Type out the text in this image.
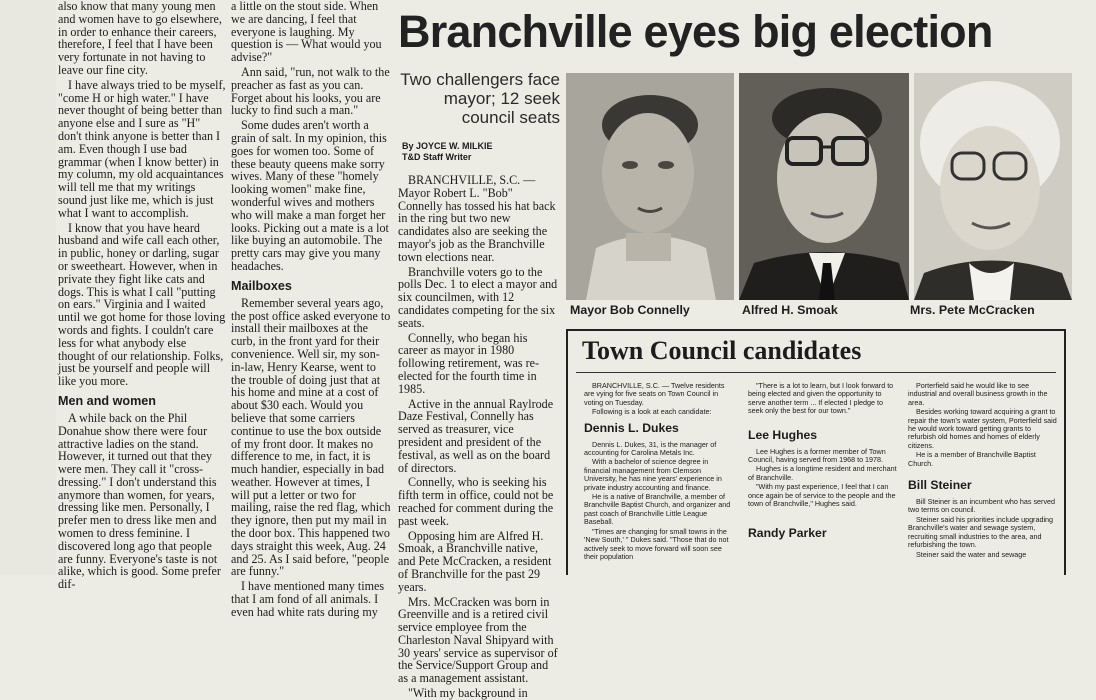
also know that many young men and women have to go elsewhere, in order to enhance their careers, therefore, I feel that I have been very fortunate in not having to leave our fine city.

I have always tried to be myself, "come H or high water." I have never thought of being better than anyone else and I sure as "H" don't think anyone is better than I am. Even though I use bad grammar (when I know better) in my column, my old acquaintances will tell me that my writings sound just like me, which is just what I want to accomplish.

I know that you have heard husband and wife call each other, in public, honey or darling, sugar or sweetheart. However, when in private they fight like cats and dogs. This is what I call "putting on ears." Virginia and I waited until we got home for those loving words and fights. I couldn't care less for what anybody else thought of our relationship. Folks, just be yourself and people will like you more.

Men and women

A while back on the Phil Donahue show there were four attractive ladies on the stand. However, it turned out that they were men. They call it "cross-dressing." I don't understand this anymore than women, for years, dressing like men. Personally, I prefer men to dress like men and women to dress feminine. I discovered long ago that people are funny. Everyone's taste is not alike, which is good. Some prefer dif-

a little on the stout side. When we are dancing, I feel that everyone is laughing. My question is — What would you advise?"

Ann said, "run, not walk to the preacher as fast as you can. Forget about his looks, you are lucky to find such a man."

Some dudes aren't worth a grain of salt. In my opinion, this goes for women too. Some of these beauty queens make sorry wives. Many of these "homely looking women" make fine, wonderful wives and mothers who will make a man forget her looks. Picking out a mate is a lot like buying an automobile. The pretty cars may give you many headaches.

Mailboxes

Remember several years ago, the post office asked everyone to install their mailboxes at the curb, in the front yard for their convenience. Well sir, my son-in-law, Henry Kearse, went to the trouble of doing just that at his home and mine at a cost of about $30 each. Would you believe that some carriers continue to use the box outside of my front door. It makes no difference to me, in fact, it is much handier, especially in bad weather. However at times, I will put a letter or two for mailing, raise the red flag, which they ignore, then put my mail in the door box. This happened two days straight this week, Aug. 24 and 25. As I said before, "people are funny."

I have mentioned many times that I am fond of all animals. I even had white rats during my

Branchville eyes big election
Two challengers face mayor; 12 seek council seats
By JOYCE W. MILKIE
T&D Staff Writer

BRANCHVILLE, S.C. — Mayor Robert L. "Bob" Connelly has tossed his hat back in the ring but two new candidates also are seeking the mayor's job as the Branchville town elections near.

Branchville voters go to the polls Dec. 1 to elect a mayor and six councilmen, with 12 candidates competing for the six seats.

Connelly, who began his career as mayor in 1980 following retirement, was re-elected for the fourth time in 1985.

Active in the annual Raylrode Daze Festival, Connelly has served as treasurer, vice president and president of the festival, as well as on the board of directors.

Connelly, who is seeking his fifth term in office, could not be reached for comment during the past week.

Opposing him are Alfred H. Smoak, a Branchville native, and Pete McCracken, a resident of Branchville for the past 29 years.

Mrs. McCracken was born in Greenville and is a retired civil service employee from the Charleston Naval Shipyard with 30 years' service as supervisor of the Service/Support Group and as a management assistant.

"With my background in

Mayor Bob Connelly	Alfred H. Smoak	Mrs. Pete McCracken
Town Council candidates

BRANCHVILLE, S.C. — Twelve residents are vying for five seats on Town Council in voting on Tuesday.

Following is a look at each candidate:

Dennis L. Dukes

Dennis L. Dukes, 31, is the manager of accounting for Carolina Metals Inc.

With a bachelor of science degree in financial management from Clemson University, he has nine years' experience in private industry accounting and finance.

He is a native of Branchville, a member of Branchville Baptist Church, and organizer and past coach of Branchville Little League Baseball.

"Times are changing for small towns in the 'New South,' " Dukes said. "Those that do not actively seek to move forward will soon see their population

"There is a lot to learn, but I look forward to being elected and given the opportunity to serve another term ... If elected I pledge to seek only the best for our town."

Lee Hughes

Lee Hughes is a former member of Town Council, having served from 1968 to 1978.

Hughes is a longtime resident and merchant of Branchville.

"With my past experience, I feel that I can once again be of service to the people and the town of Branchville," Hughes said.

Randy Parker

Porterfield said he would like to see industrial and overall business growth in the area.

Besides working toward acquiring a grant to repair the town's water system, Porterfield said he would work toward getting grants to refurbish old homes and homes of elderly citizens.

He is a member of Branchville Baptist Church.

Bill Steiner

Bill Steiner is an incumbent who has served two terms on council.

Steiner said his priorities include upgrading Branchville's water and sewage system, recruiting small industries to the area, and refurbishing the town.

Steiner said the water and sewage
